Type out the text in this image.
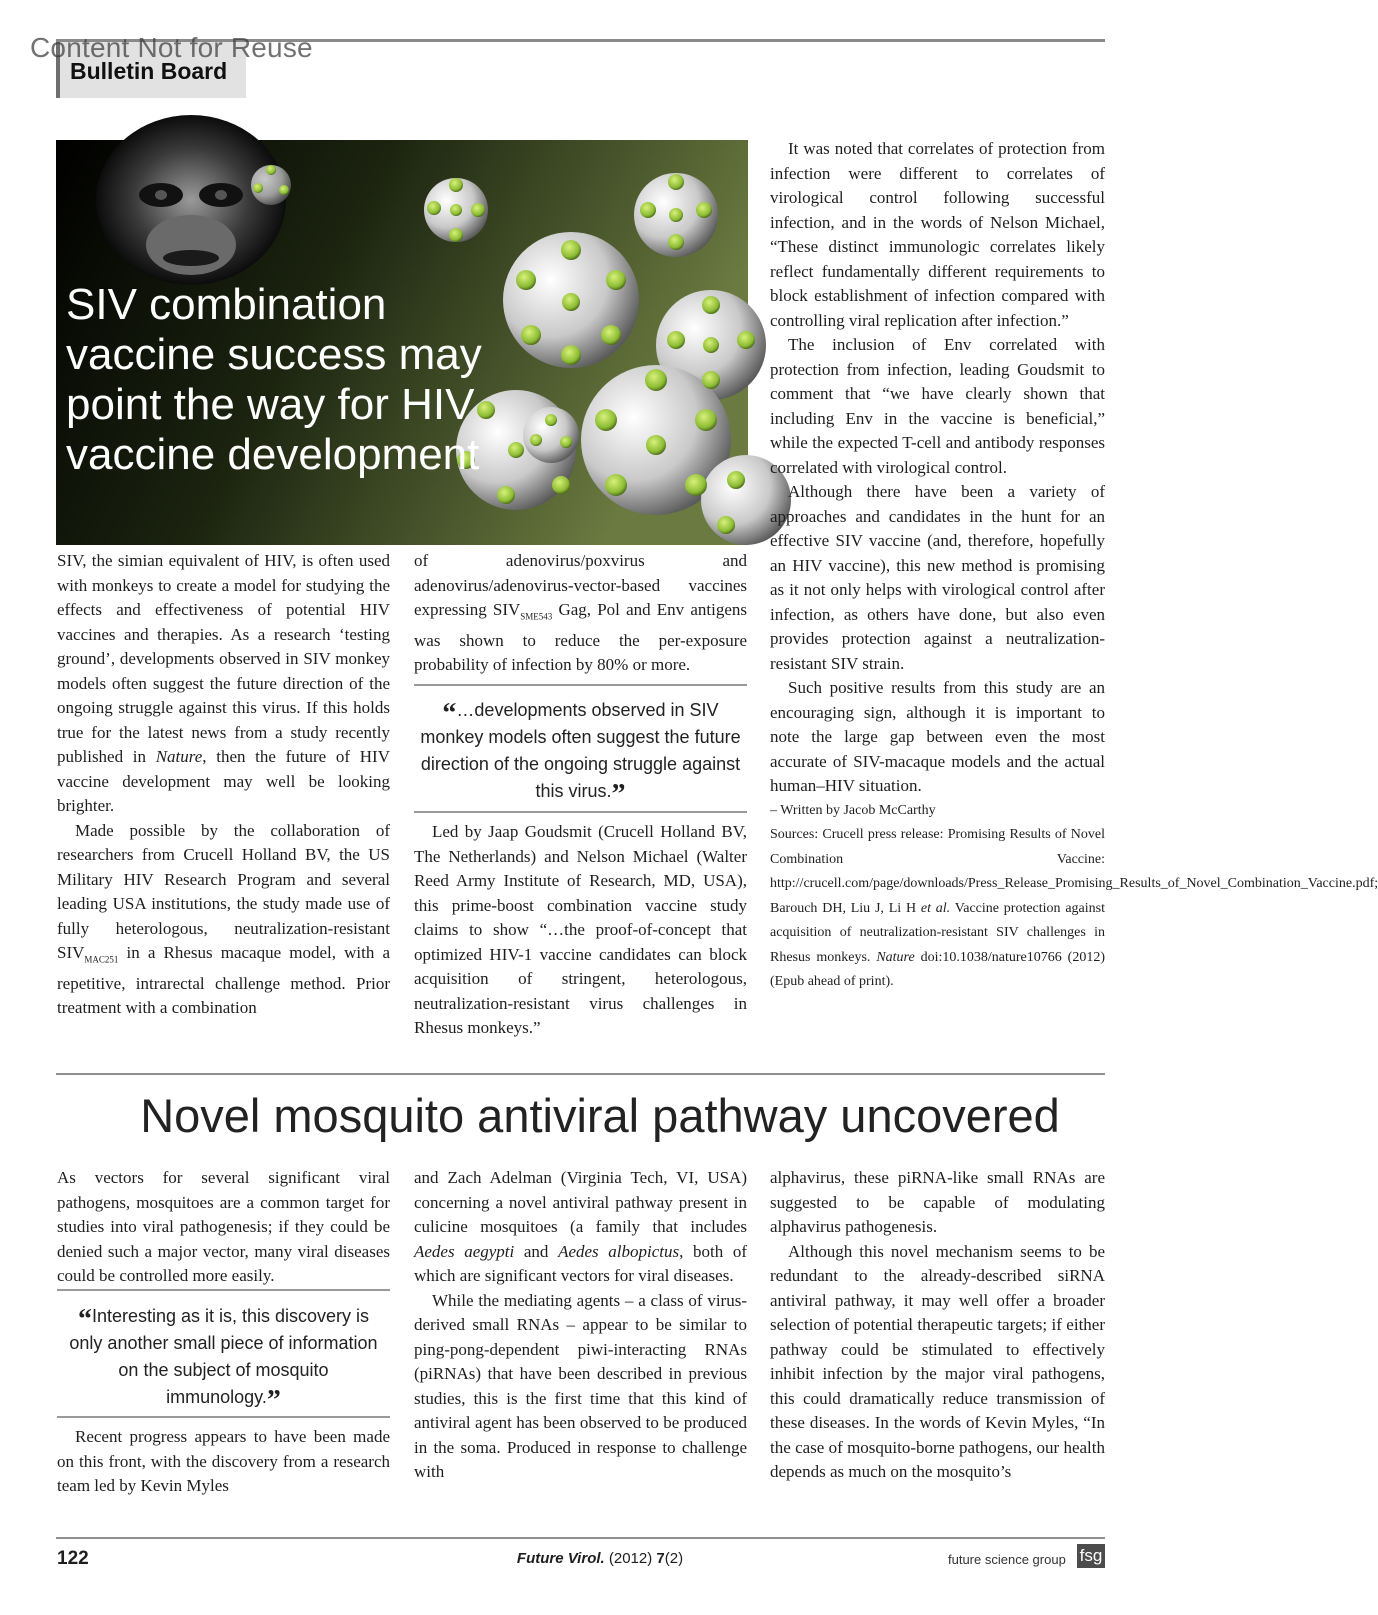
Bulletin Board
Content Not for Reuse
SIV combination vaccine success may point the way for HIV vaccine development

SIV, the simian equivalent of HIV, is often used with monkeys to create a model for studying the effects and effectiveness of potential HIV vaccines and therapies. As a research ‘testing ground’, developments observed in SIV monkey models often suggest the future direction of the ongoing struggle against this virus. If this holds true for the latest news from a study recently published in Nature, then the future of HIV vaccine development may well be looking brighter.

Made possible by the collaboration of researchers from Crucell Holland BV, the US Military HIV Research Program and several leading USA institutions, the study made use of fully heterologous, neutralization-resistant $SIV_{MAC251}$ in a Rhesus macaque model, with a repetitive, intrarectal challenge method. Prior treatment with a combination

of adenovirus/poxvirus and adenovirus/adenovirus-vector-based vaccines expressing $SIV_{SME543}$ Gag, Pol and Env antigens was shown to reduce the per-exposure probability of infection by 80% or more.

“…developments observed in SIV monkey models often suggest the future direction of the ongoing struggle against this virus.”

Led by Jaap Goudsmit (Crucell Holland BV, The Netherlands) and Nelson Michael (Walter Reed Army Institute of Research, MD, USA), this prime-boost combination vaccine study claims to show “…the proof-of-concept that optimized HIV-1 vaccine candidates can block acquisition of stringent, heterologous, neutralization-resistant virus challenges in Rhesus monkeys.”

It was noted that correlates of protection from infection were different to correlates of virological control following successful infection, and in the words of Nelson Michael, “These distinct immunologic correlates likely reflect fundamentally different requirements to block establishment of infection compared with controlling viral replication after infection.”

The inclusion of Env correlated with protection from infection, leading Goudsmit to comment that “we have clearly shown that including Env in the vaccine is beneficial,” while the expected T-cell and antibody responses correlated with virological control.

Although there have been a variety of approaches and candidates in the hunt for an effective SIV vaccine (and, therefore, hopefully an HIV vaccine), this new method is promising as it not only helps with virological control after infection, as others have done, but also even provides protection against a neutralization-resistant SIV strain.

Such positive results from this study are an encouraging sign, although it is important to note the large gap between even the most accurate of SIV-macaque models and the actual human–HIV situation.

– Written by Jacob McCarthy

Sources: Crucell press release: Promising Results of Novel Combination Vaccine: http://crucell.com/page/downloads/Press_Release_Promising_Results_of_Novel_Combination_Vaccine.pdf; Barouch DH, Liu J, Li H et al. Vaccine protection against acquisition of neutralization-resistant SIV challenges in Rhesus monkeys. Nature doi:10.1038/nature10766 (2012) (Epub ahead of print).

Novel mosquito antiviral pathway uncovered

As vectors for several significant viral pathogens, mosquitoes are a common target for studies into viral pathogenesis; if they could be denied such a major vector, many viral diseases could be controlled more easily.

“Interesting as it is, this discovery is only another small piece of information on the subject of mosquito immunology.”

Recent progress appears to have been made on this front, with the discovery from a research team led by Kevin Myles

and Zach Adelman (Virginia Tech, VI, USA) concerning a novel antiviral pathway present in culicine mosquitoes (a family that includes Aedes aegypti and Aedes albopictus, both of which are significant vectors for viral diseases.

While the mediating agents – a class of virus-derived small RNAs – appear to be similar to ping-pong-dependent piwi-interacting RNAs (piRNAs) that have been described in previous studies, this is the first time that this kind of antiviral agent has been observed to be produced in the soma. Produced in response to challenge with

alphavirus, these piRNA-like small RNAs are suggested to be capable of modulating alphavirus pathogenesis.

Although this novel mechanism seems to be redundant to the already-described siRNA antiviral pathway, it may well offer a broader selection of potential therapeutic targets; if either pathway could be stimulated to effectively inhibit infection by the major viral pathogens, this could dramatically reduce transmission of these diseases. In the words of Kevin Myles, “In the case of mosquito-borne pathogens, our health depends as much on the mosquito’s

122	Future Virol. (2012) 7(2)	future science group fsg
